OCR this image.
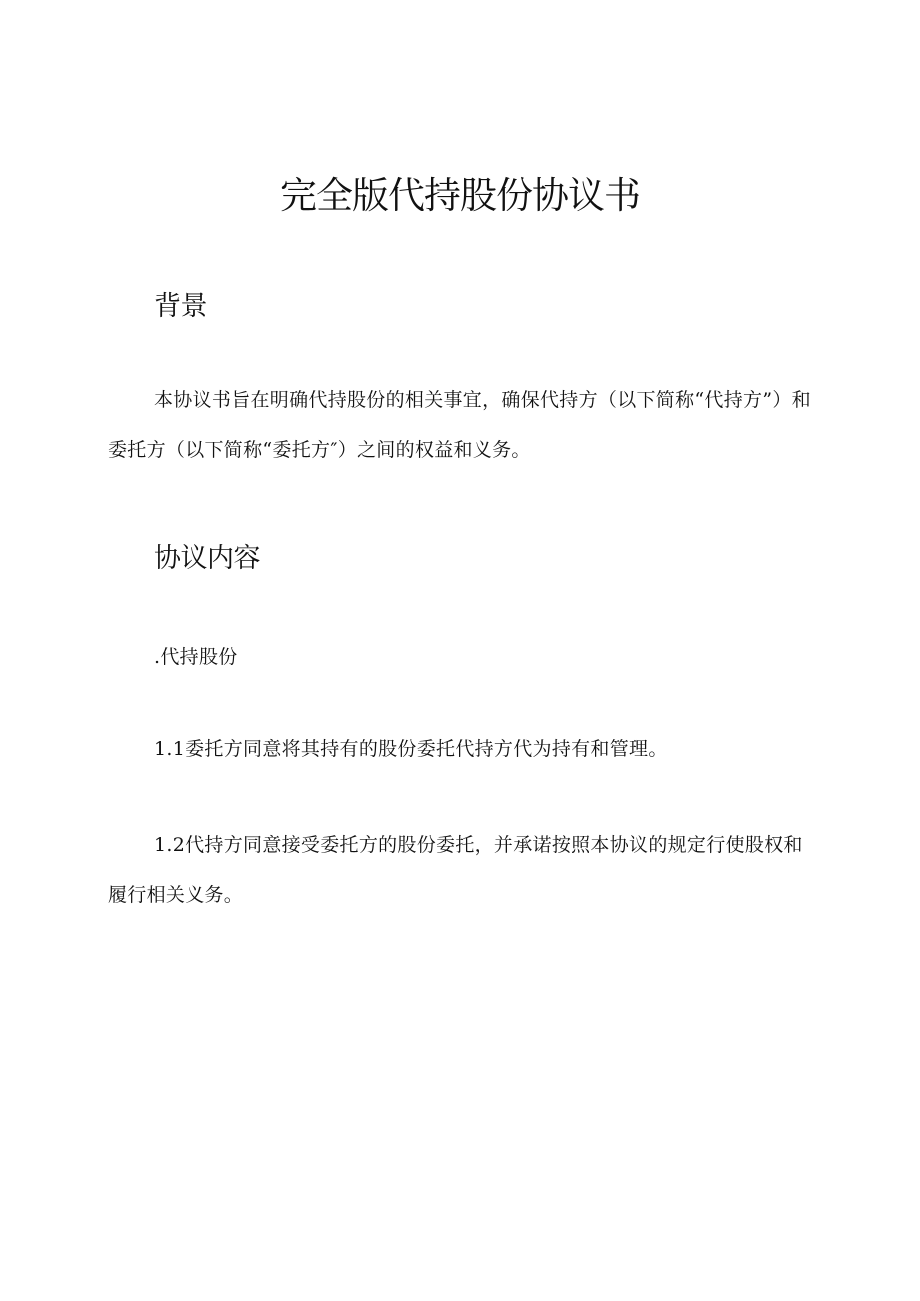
完全版代持股份协议书
背景

本协议书旨在明确代持股份的相关事宜，确保代持方（以下简称“代持方”）和委托方（以下简称“委托方″）之间的权益和义务。

协议内容

.代持股份

1.1委托方同意将其持有的股份委托代持方代为持有和管理。

1.2代持方同意接受委托方的股份委托，并承诺按照本协议的规定行使股权和履行相关义务。
